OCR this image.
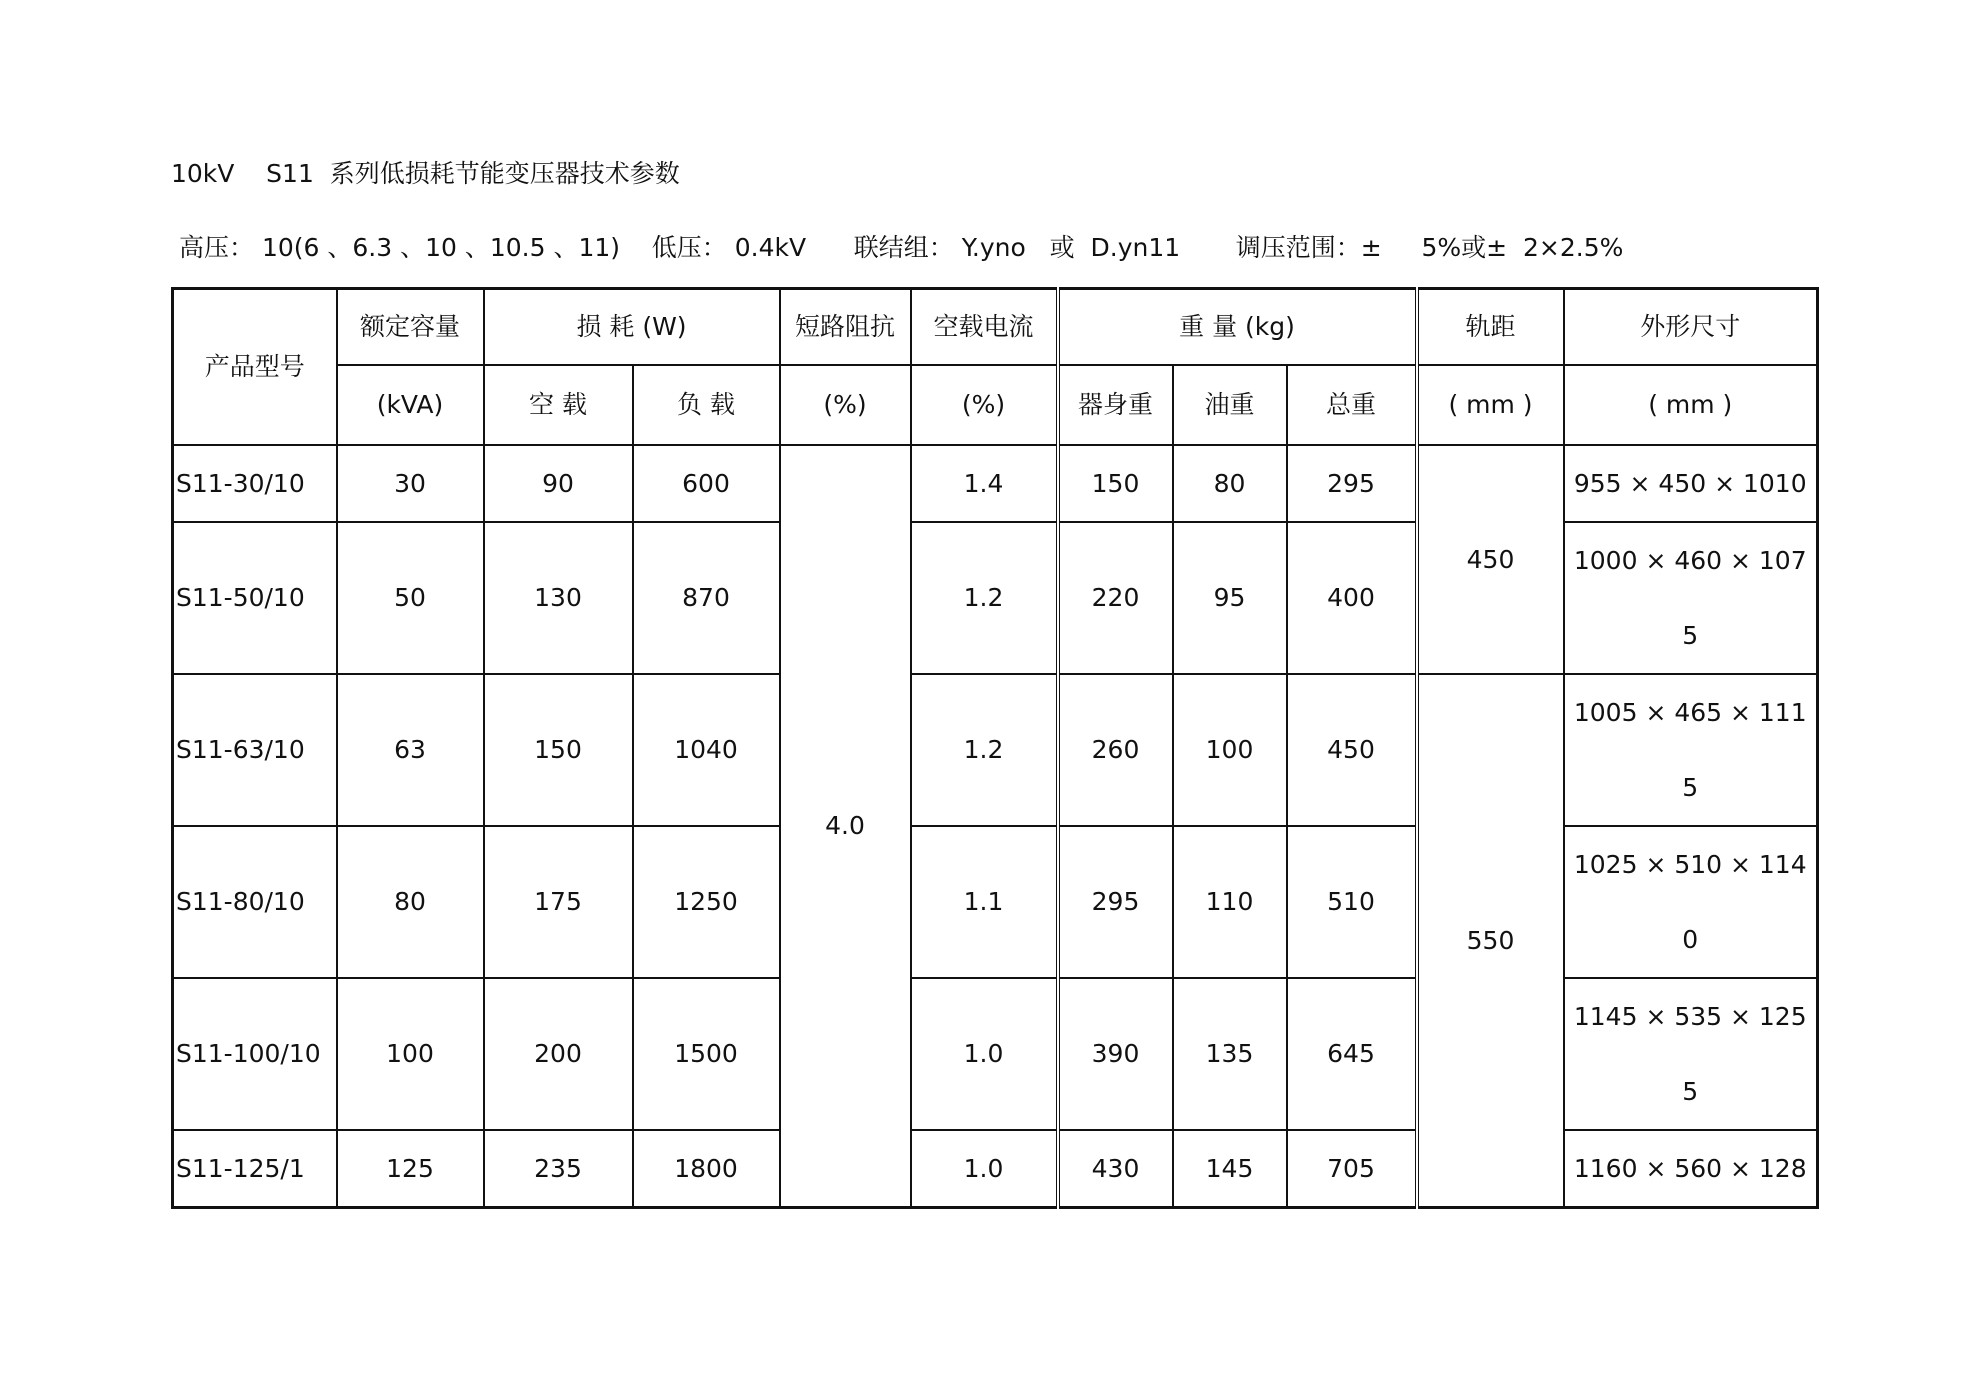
10kV    S11  系列低损耗节能变压器技术参数
高压： 10(6 、6.3 、10 、10.5 、11)    低压： 0.4kV      联结组： Y.yno   或  D.yn11       调压范围：±     5%或±  2×2.5%
产品型号	额定容量	损 耗 (W)		短路阻抗	空载电流	重 量 (kg)			轨距	外形尺寸
	(kVA)	空 载	负 载	(%)	(%)	器身重	油重	总重	( mm )	( mm )
S11-30/10	30	90	600	4.0	1.4	150	80	295	450	955 × 450 × 1010
S11-50/10	50	130	870		1.2	220	95	400		1000 × 460 × 1075
S11-63/10	63	150	1040		1.2	260	100	450	550	1005 × 465 × 1115
S11-80/10	80	175	1250		1.1	295	110	510		1025 × 510 × 1140
S11-100/10	100	200	1500		1.0	390	135	645		1145 × 535 × 1255
S11-125/1	125	235	1800		1.0	430	145	705		1160 × 560 × 128
